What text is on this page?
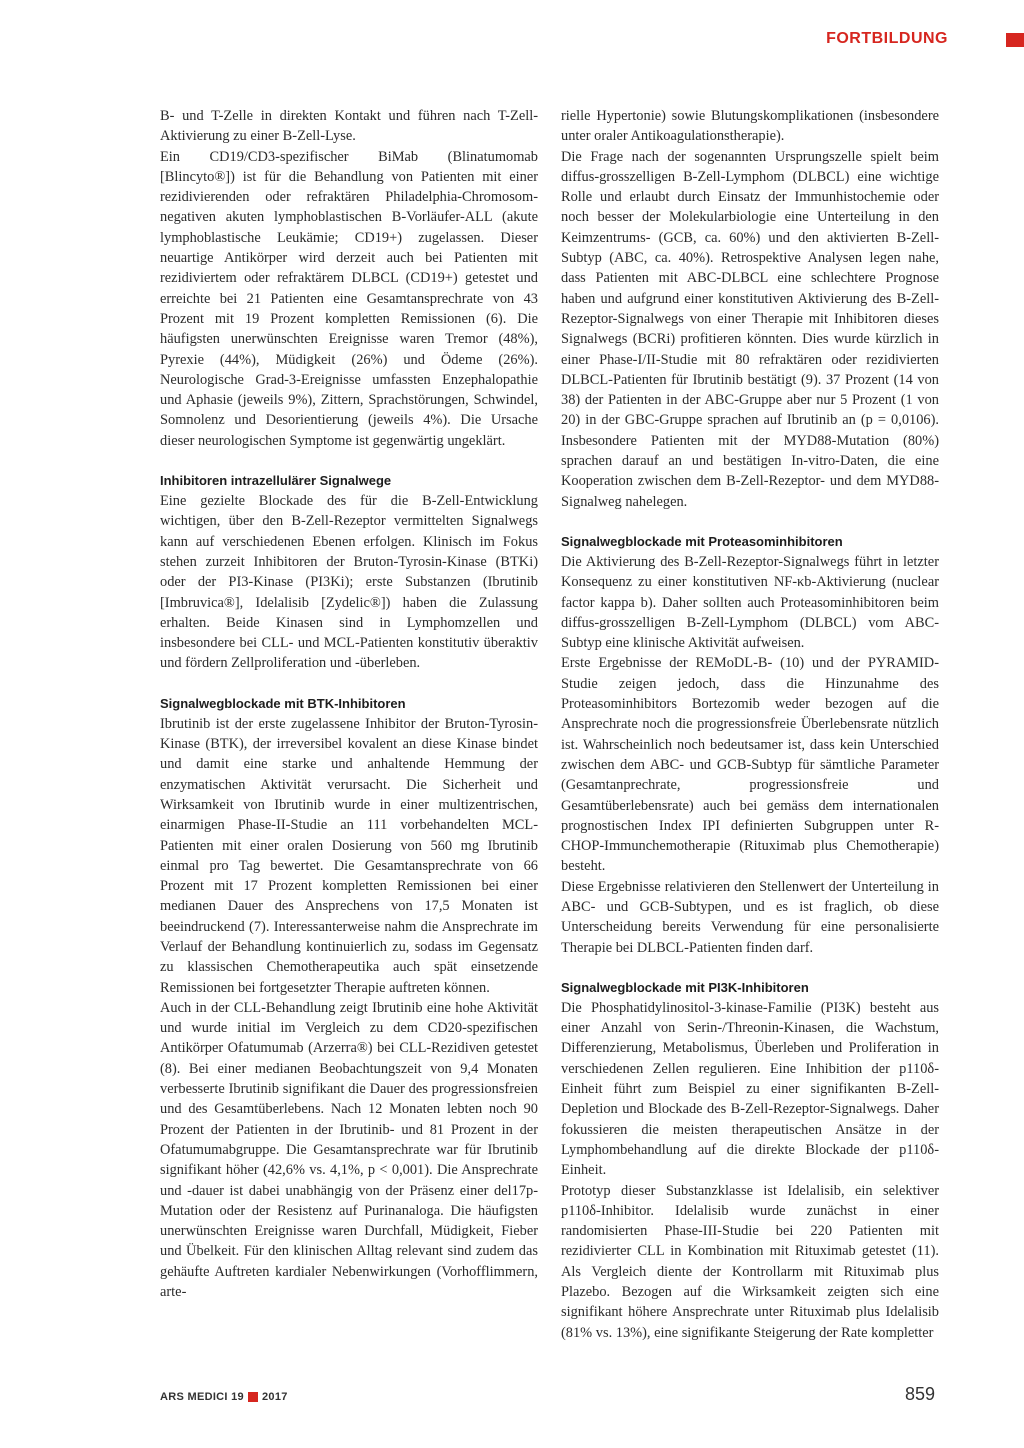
FORTBILDUNG

B- und T-Zelle in direkten Kontakt und führen nach T-Zell-Aktivierung zu einer B-Zell-Lyse.

Ein CD19/CD3-spezifischer BiMab (Blinatumomab [Blincyto®]) ist für die Behandlung von Patienten mit einer rezidivierenden oder refraktären Philadelphia-Chromosom-negativen akuten lymphoblastischen B-Vorläufer-ALL (akute lymphoblastische Leukämie; CD19+) zugelassen. Dieser neuartige Antikörper wird derzeit auch bei Patienten mit rezidiviertem oder refraktärem DLBCL (CD19+) getestet und erreichte bei 21 Patienten eine Gesamtansprechrate von 43 Prozent mit 19 Prozent kompletten Remissionen (6). Die häufigsten unerwünschten Ereignisse waren Tremor (48%), Pyrexie (44%), Müdigkeit (26%) und Ödeme (26%). Neurologische Grad-3-Ereignisse umfassten Enzephalopathie und Aphasie (jeweils 9%), Zittern, Sprachstörungen, Schwindel, Somnolenz und Desorientierung (jeweils 4%). Die Ursache dieser neurologischen Symptome ist gegenwärtig ungeklärt.

Inhibitoren intrazellulärer Signalwege

Eine gezielte Blockade des für die B-Zell-Entwicklung wichtigen, über den B-Zell-Rezeptor vermittelten Signalwegs kann auf verschiedenen Ebenen erfolgen. Klinisch im Fokus stehen zurzeit Inhibitoren der Bruton-Tyrosin-Kinase (BTKi) oder der PI3-Kinase (PI3Ki); erste Substanzen (Ibrutinib [Imbruvica®], Idelalisib [Zydelic®]) haben die Zulassung erhalten. Beide Kinasen sind in Lymphomzellen und insbesondere bei CLL- und MCL-Patienten konstitutiv überaktiv und fördern Zellproliferation und -überleben.

Signalwegblockade mit BTK-Inhibitoren

Ibrutinib ist der erste zugelassene Inhibitor der Bruton-Tyrosin-Kinase (BTK), der irreversibel kovalent an diese Kinase bindet und damit eine starke und anhaltende Hemmung der enzymatischen Aktivität verursacht. Die Sicherheit und Wirksamkeit von Ibrutinib wurde in einer multizentrischen, einarmigen Phase-II-Studie an 111 vorbehandelten MCL-Patienten mit einer oralen Dosierung von 560 mg Ibrutinib einmal pro Tag bewertet. Die Gesamtansprechrate von 66 Prozent mit 17 Prozent kompletten Remissionen bei einer medianen Dauer des Ansprechens von 17,5 Monaten ist beeindruckend (7). Interessanterweise nahm die Ansprechrate im Verlauf der Behandlung kontinuierlich zu, sodass im Gegensatz zu klassischen Chemotherapeutika auch spät einsetzende Remissionen bei fortgesetzter Therapie auftreten können.

Auch in der CLL-Behandlung zeigt Ibrutinib eine hohe Aktivität und wurde initial im Vergleich zu dem CD20-spezifischen Antikörper Ofatumumab (Arzerra®) bei CLL-Rezidiven getestet (8). Bei einer medianen Beobachtungszeit von 9,4 Monaten verbesserte Ibrutinib signifikant die Dauer des progressionsfreien und des Gesamtüberlebens. Nach 12 Monaten lebten noch 90 Prozent der Patienten in der Ibrutinib- und 81 Prozent in der Ofatumumabgruppe. Die Gesamtansprechrate war für Ibrutinib signifikant höher (42,6% vs. 4,1%, p < 0,001). Die Ansprechrate und -dauer ist dabei unabhängig von der Präsenz einer del17p-Mutation oder der Resistenz auf Purinanaloga. Die häufigsten unerwünschten Ereignisse waren Durchfall, Müdigkeit, Fieber und Übelkeit. Für den klinischen Alltag relevant sind zudem das gehäufte Auftreten kardialer Nebenwirkungen (Vorhofflimmern, arte-

rielle Hypertonie) sowie Blutungskomplikationen (insbesondere unter oraler Antikoagulationstherapie).

Die Frage nach der sogenannten Ursprungszelle spielt beim diffus-grosszelligen B-Zell-Lymphom (DLBCL) eine wichtige Rolle und erlaubt durch Einsatz der Immunhistochemie oder noch besser der Molekularbiologie eine Unterteilung in den Keimzentrums- (GCB, ca. 60%) und den aktivierten B-Zell-Subtyp (ABC, ca. 40%). Retrospektive Analysen legen nahe, dass Patienten mit ABC-DLBCL eine schlechtere Prognose haben und aufgrund einer konstitutiven Aktivierung des B-Zell-Rezeptor-Signalwegs von einer Therapie mit Inhibitoren dieses Signalwegs (BCRi) profitieren könnten. Dies wurde kürzlich in einer Phase-I/II-Studie mit 80 refraktären oder rezidivierten DLBCL-Patienten für Ibrutinib bestätigt (9). 37 Prozent (14 von 38) der Patienten in der ABC-Gruppe aber nur 5 Prozent (1 von 20) in der GBC-Gruppe sprachen auf Ibrutinib an (p = 0,0106). Insbesondere Patienten mit der MYD88-Mutation (80%) sprachen darauf an und bestätigen In-vitro-Daten, die eine Kooperation zwischen dem B-Zell-Rezeptor- und dem MYD88-Signalweg nahelegen.

Signalwegblockade mit Proteasominhibitoren

Die Aktivierung des B-Zell-Rezeptor-Signalwegs führt in letzter Konsequenz zu einer konstitutiven NF-κb-Aktivierung (nuclear factor kappa b). Daher sollten auch Proteasominhibitoren beim diffus-grosszelligen B-Zell-Lymphom (DLBCL) vom ABC-Subtyp eine klinische Aktivität aufweisen.

Erste Ergebnisse der REMoDL-B- (10) und der PYRAMID-Studie zeigen jedoch, dass die Hinzunahme des Proteasominhibitors Bortezomib weder bezogen auf die Ansprechrate noch die progressionsfreie Überlebensrate nützlich ist. Wahrscheinlich noch bedeutsamer ist, dass kein Unterschied zwischen dem ABC- und GCB-Subtyp für sämtliche Parameter (Gesamtanprechrate, progressionsfreie und Gesamtüberlebensrate) auch bei gemäss dem internationalen prognostischen Index IPI definierten Subgruppen unter R-CHOP-Immunchemotherapie (Rituximab plus Chemotherapie) besteht.

Diese Ergebnisse relativieren den Stellenwert der Unterteilung in ABC- und GCB-Subtypen, und es ist fraglich, ob diese Unterscheidung bereits Verwendung für eine personalisierte Therapie bei DLBCL-Patienten finden darf.

Signalwegblockade mit PI3K-Inhibitoren

Die Phosphatidylinositol-3-kinase-Familie (PI3K) besteht aus einer Anzahl von Serin-/Threonin-Kinasen, die Wachstum, Differenzierung, Metabolismus, Überleben und Proliferation in verschiedenen Zellen regulieren. Eine Inhibition der p110δ-Einheit führt zum Beispiel zu einer signifikanten B-Zell-Depletion und Blockade des B-Zell-Rezeptor-Signalwegs. Daher fokussieren die meisten therapeutischen Ansätze in der Lymphombehandlung auf die direkte Blockade der p110δ-Einheit.

Prototyp dieser Substanzklasse ist Idelalisib, ein selektiver p110δ-Inhibitor. Idelalisib wurde zunächst in einer randomisierten Phase-III-Studie bei 220 Patienten mit rezidivierter CLL in Kombination mit Rituximab getestet (11). Als Vergleich diente der Kontrollarm mit Rituximab plus Plazebo. Bezogen auf die Wirksamkeit zeigten sich eine signifikant höhere Ansprechrate unter Rituximab plus Idelalisib (81% vs. 13%), eine signifikante Steigerung der Rate kompletter

ARS MEDICI 19 2017	859
